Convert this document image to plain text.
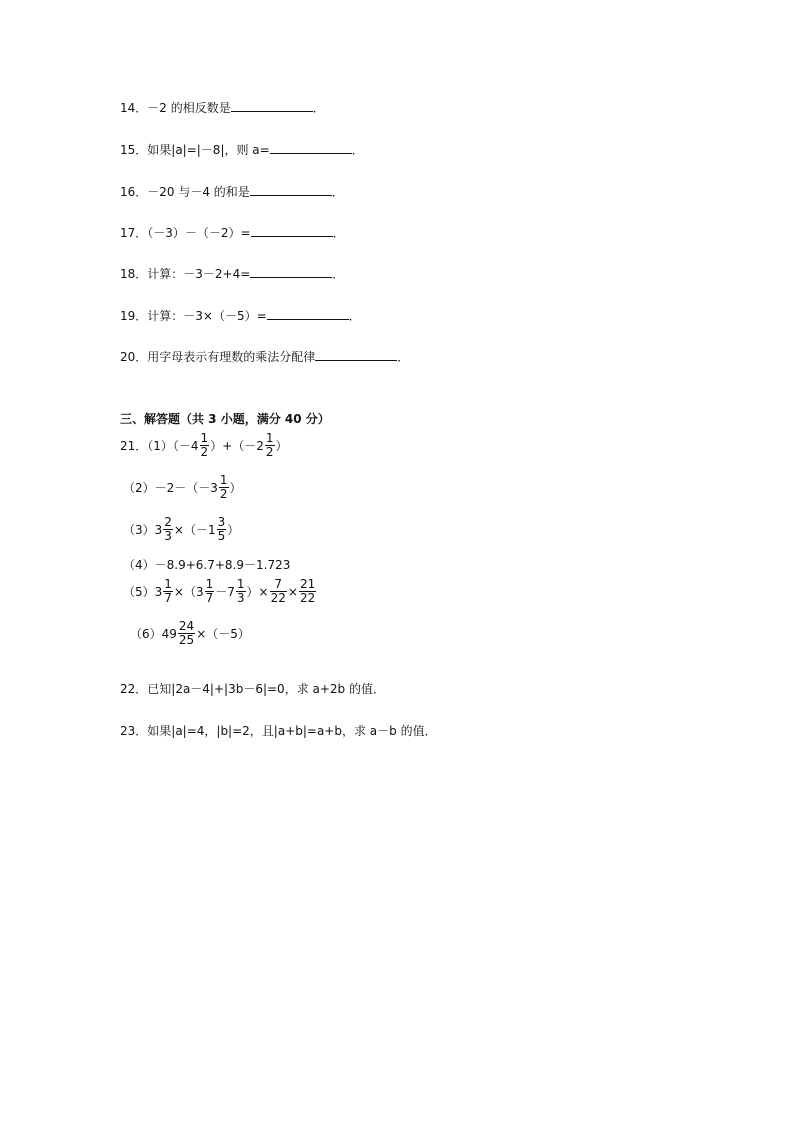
14．－2 的相反数是	．
15．如果|a|=|－8|，则 a=	．
16．－20 与－4 的和是	．
17．（－3）－（－2）=	．
18．计算：－3－2+4=	．
19．计算：－3×（－5）=	．
20．用字母表示有理数的乘法分配律	．
三、解答题（共 3 小题，满分 40 分）
21．$(1)(-4 \frac{1}{2} )+(-2 \frac{1}{2}$ ）
$(2)-2-(-3 \frac{1}{2}$ ）
$(3)3 \frac{2}{3} \times(-1 \frac{3}{5}$ ）
（4）－8.9+6.7+8.9－1.723
$(5)3 \frac{1}{7} \times(3 \frac{1}{7} -7 \frac{1}{3}$ ）× $\frac{7}{22} \times \frac{21}{22}$
$(6)49 \frac{24}{25} \times(-5)$
22．已知|2a－4|+|3b－6|=0，求 a+2b 的值．
23．如果|a|=4，|b|=2，且|a+b|=a+b，求 a－b 的值．
